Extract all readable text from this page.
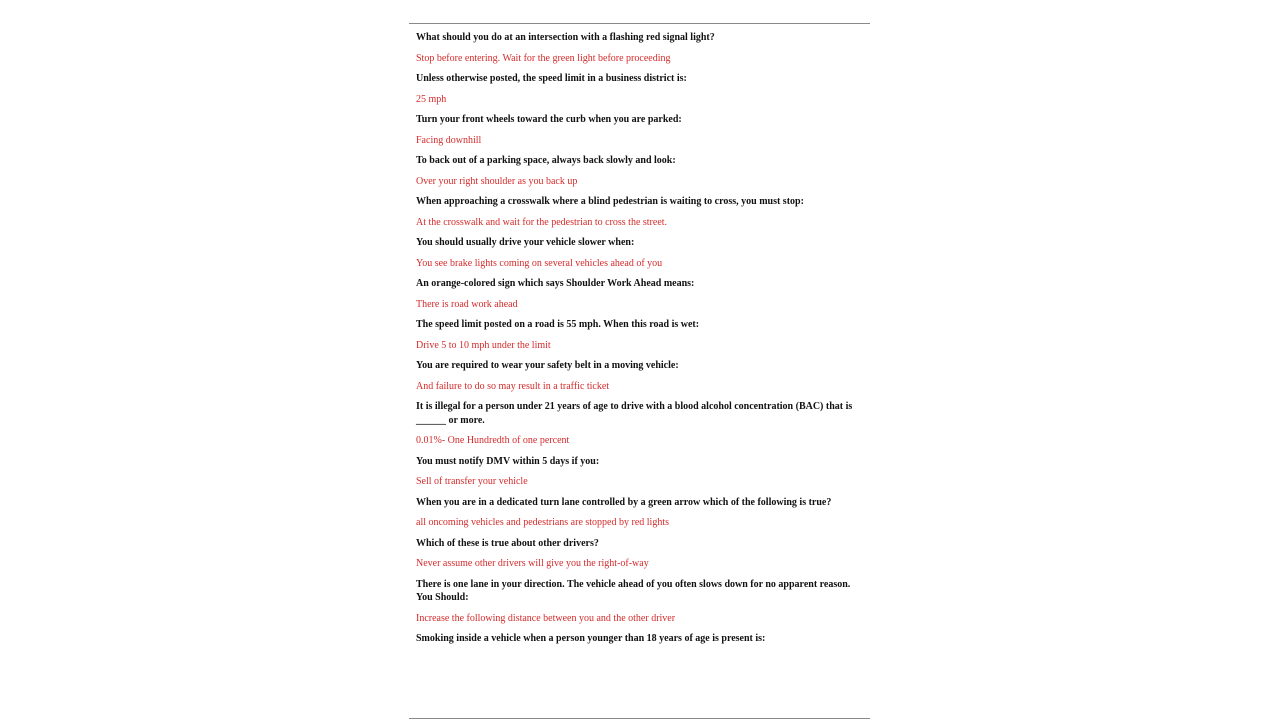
What should you do at an intersection with a flashing red signal light?

Stop before entering. Wait for the green light before proceeding

Unless otherwise posted, the speed limit in a business district is:

25 mph

Turn your front wheels toward the curb when you are parked:

Facing downhill

To back out of a parking space, always back slowly and look:

Over your right shoulder as you back up

When approaching a crosswalk where a blind pedestrian is waiting to cross, you must stop:

At the crosswalk and wait for the pedestrian to cross the street.

You should usually drive your vehicle slower when:

You see brake lights coming on several vehicles ahead of you

An orange-colored sign which says Shoulder Work Ahead means:

There is road work ahead

The speed limit posted on a road is 55 mph. When this road is wet:

Drive 5 to 10 mph under the limit

You are required to wear your safety belt in a moving vehicle:

And failure to do so may result in a traffic ticket

It is illegal for a person under 21 years of age to drive with a blood alcohol concentration (BAC) that is ______ or more.

0.01%- One Hundredth of one percent

You must notify DMV within 5 days if you:

Sell of transfer your vehicle

When you are in a dedicated turn lane controlled by a green arrow which of the following is true?

all oncoming vehicles and pedestrians are stopped by red lights

Which of these is true about other drivers?

Never assume other drivers will give you the right-of-way

There is one lane in your direction. The vehicle ahead of you often slows down for no apparent reason. You Should:

Increase the following distance between you and the other driver

Smoking inside a vehicle when a person younger than 18 years of age is present is:
